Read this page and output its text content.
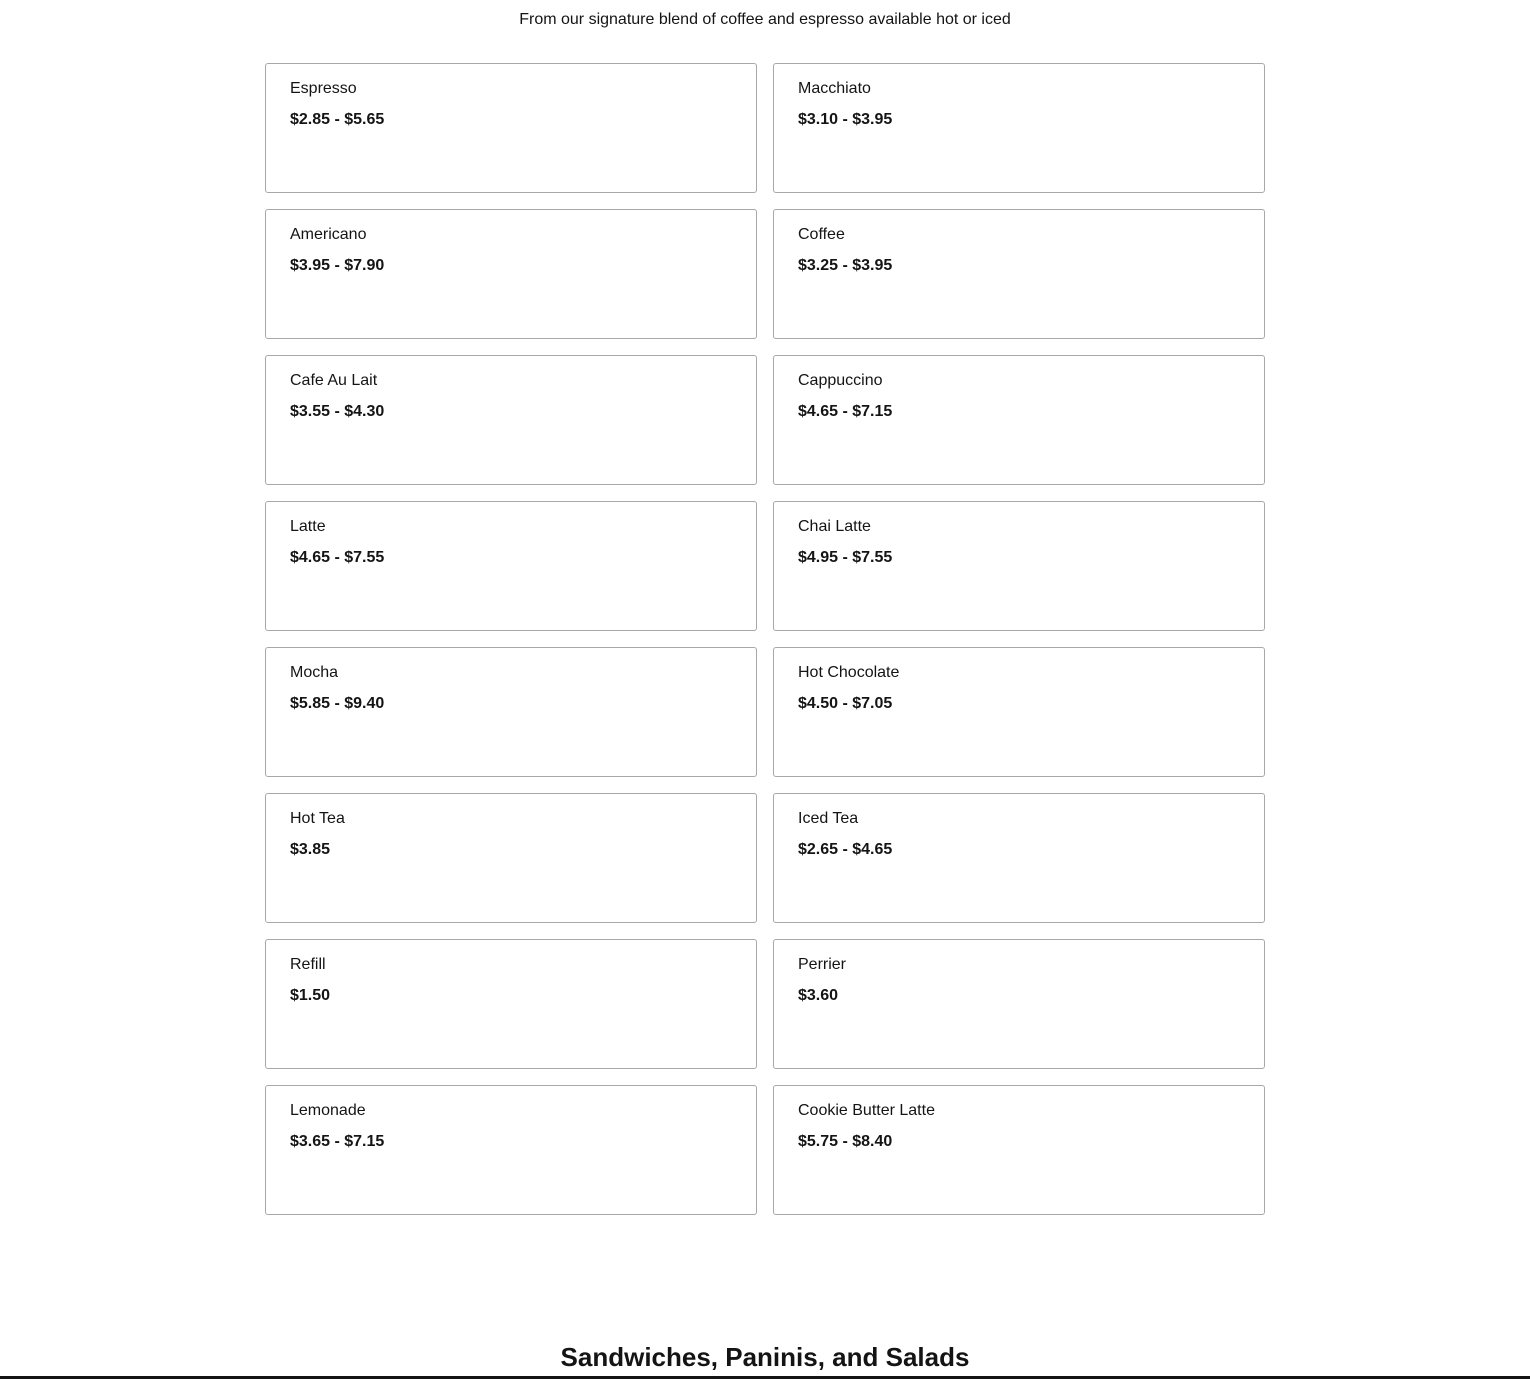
From our signature blend of coffee and espresso available hot or iced
Espresso
$2.85 - $5.65
Macchiato
$3.10 - $3.95
Americano
$3.95 - $7.90
Coffee
$3.25 - $3.95
Cafe Au Lait
$3.55 - $4.30
Cappuccino
$4.65 - $7.15
Latte
$4.65 - $7.55
Chai Latte
$4.95 - $7.55
Mocha
$5.85 - $9.40
Hot Chocolate
$4.50 - $7.05
Hot Tea
$3.85
Iced Tea
$2.65 - $4.65
Refill
$1.50
Perrier
$3.60
Lemonade
$3.65 - $7.15
Cookie Butter Latte
$5.75 - $8.40
Sandwiches, Paninis, and Salads
